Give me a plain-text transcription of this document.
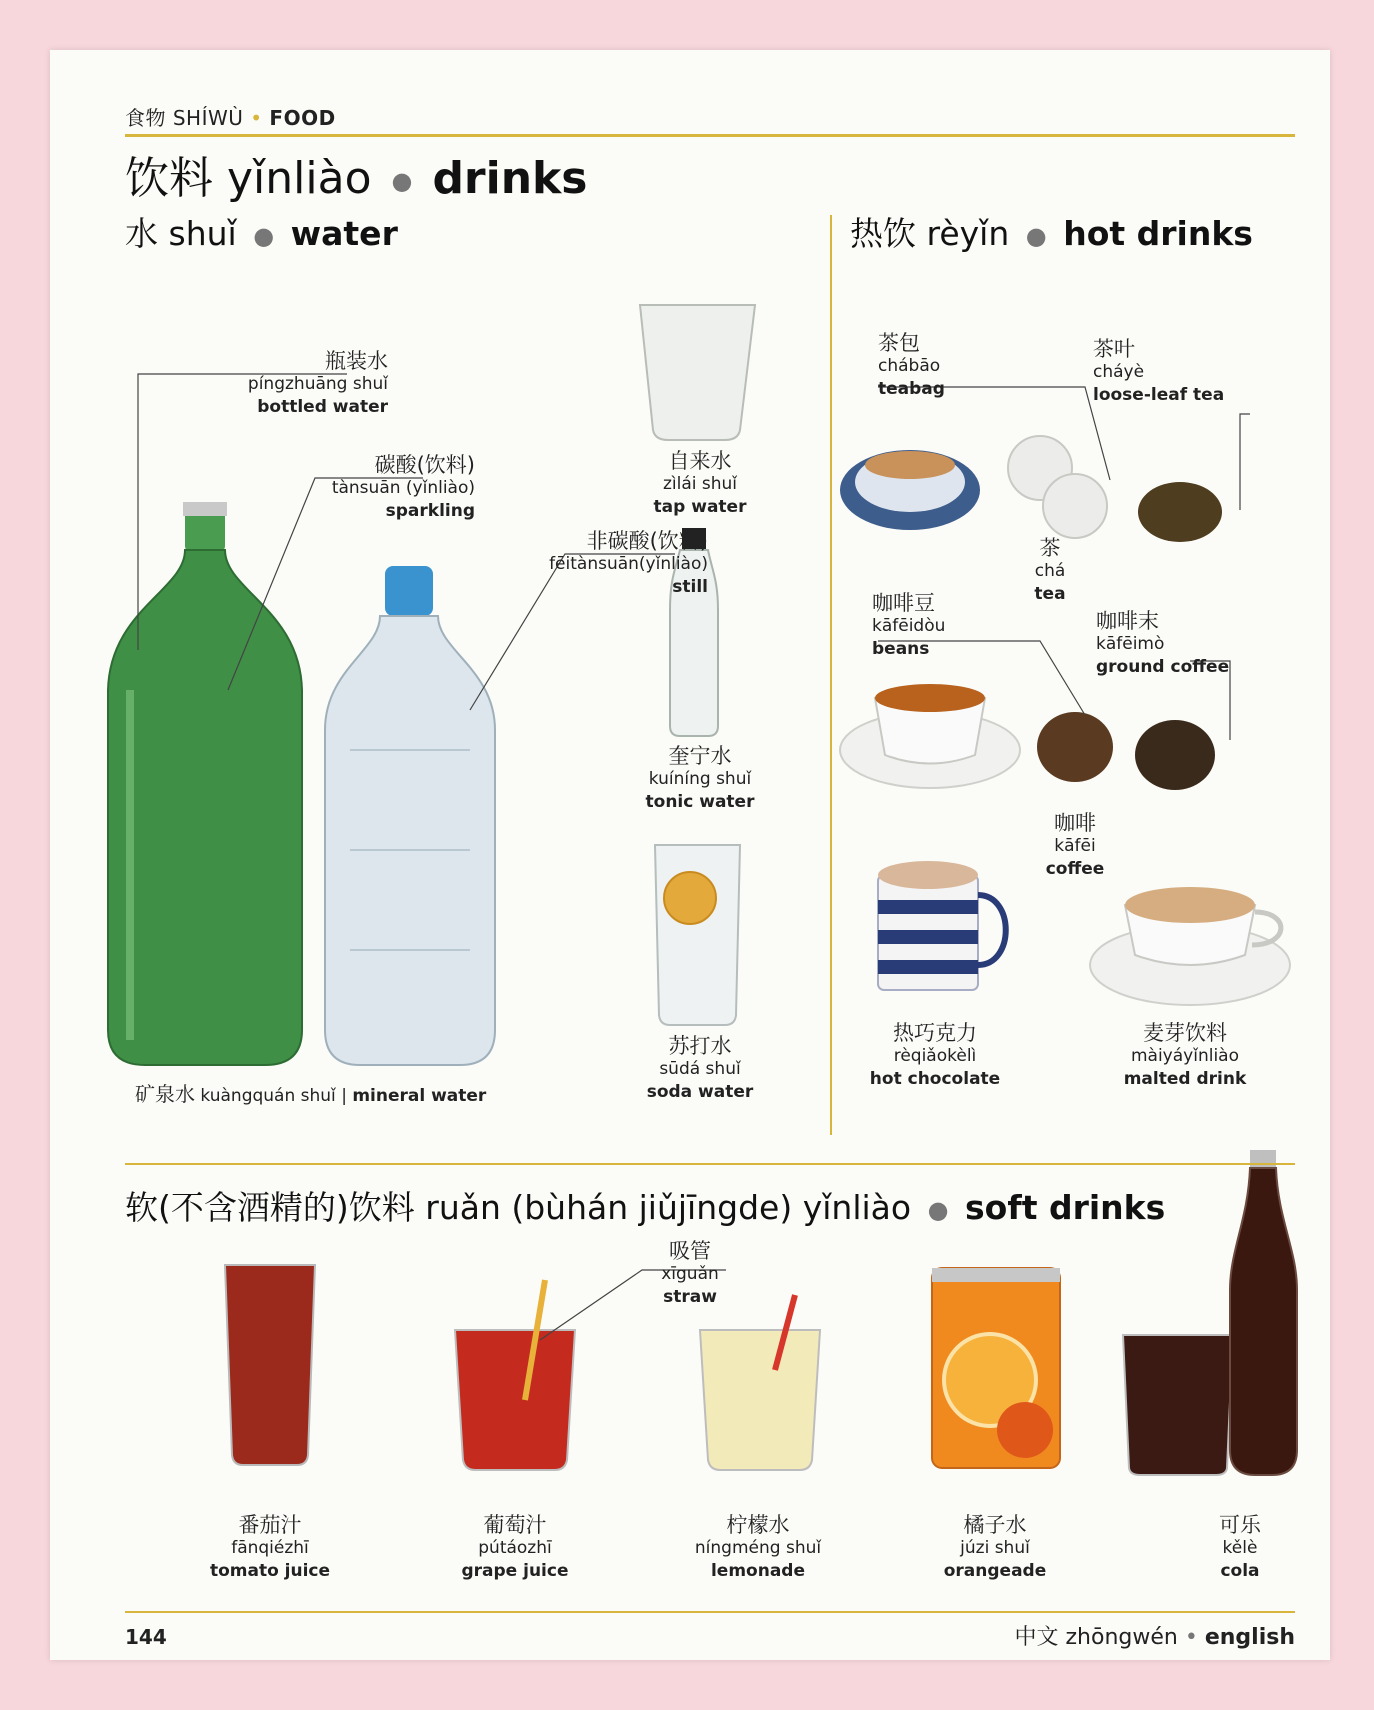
食物 SHÍWÙ • FOOD
饮料 yǐnliào ● drinks
水 shuǐ ● water	热饮 rèyǐn ● hot drinks
瓶装水
píngzhuāng shuǐ
bottled water
碳酸(饮料)
tànsuān (yǐnliào)
sparkling
非碳酸(饮料)
fēitànsuān(yǐnliào)
still
自来水
zìlái shuǐ
tap water
奎宁水
kuíníng shuǐ
tonic water
苏打水
sūdá shuǐ
soda water
矿泉水 kuàngquán shuǐ | mineral water
茶包
chábāo
teabag
茶叶
cháyè
loose-leaf tea
茶
chá
tea
咖啡豆
kāfēidòu
beans
咖啡末
kāfēimò
ground coffee
咖啡
kāfēi
coffee
热巧克力
rèqiǎokèlì
hot chocolate
麦芽饮料
màiyáyǐnliào
malted drink
软(不含酒精的)饮料 ruǎn (bùhán jiǔjīngde) yǐnliào ● soft drinks
吸管
xīguǎn
straw
番茄汁
fānqiézhī
tomato juice
葡萄汁
pútáozhī
grape juice
柠檬水
níngméng shuǐ
lemonade
橘子水
júzi shuǐ
orangeade
可乐
kělè
cola
144	中文 zhōngwén • english
